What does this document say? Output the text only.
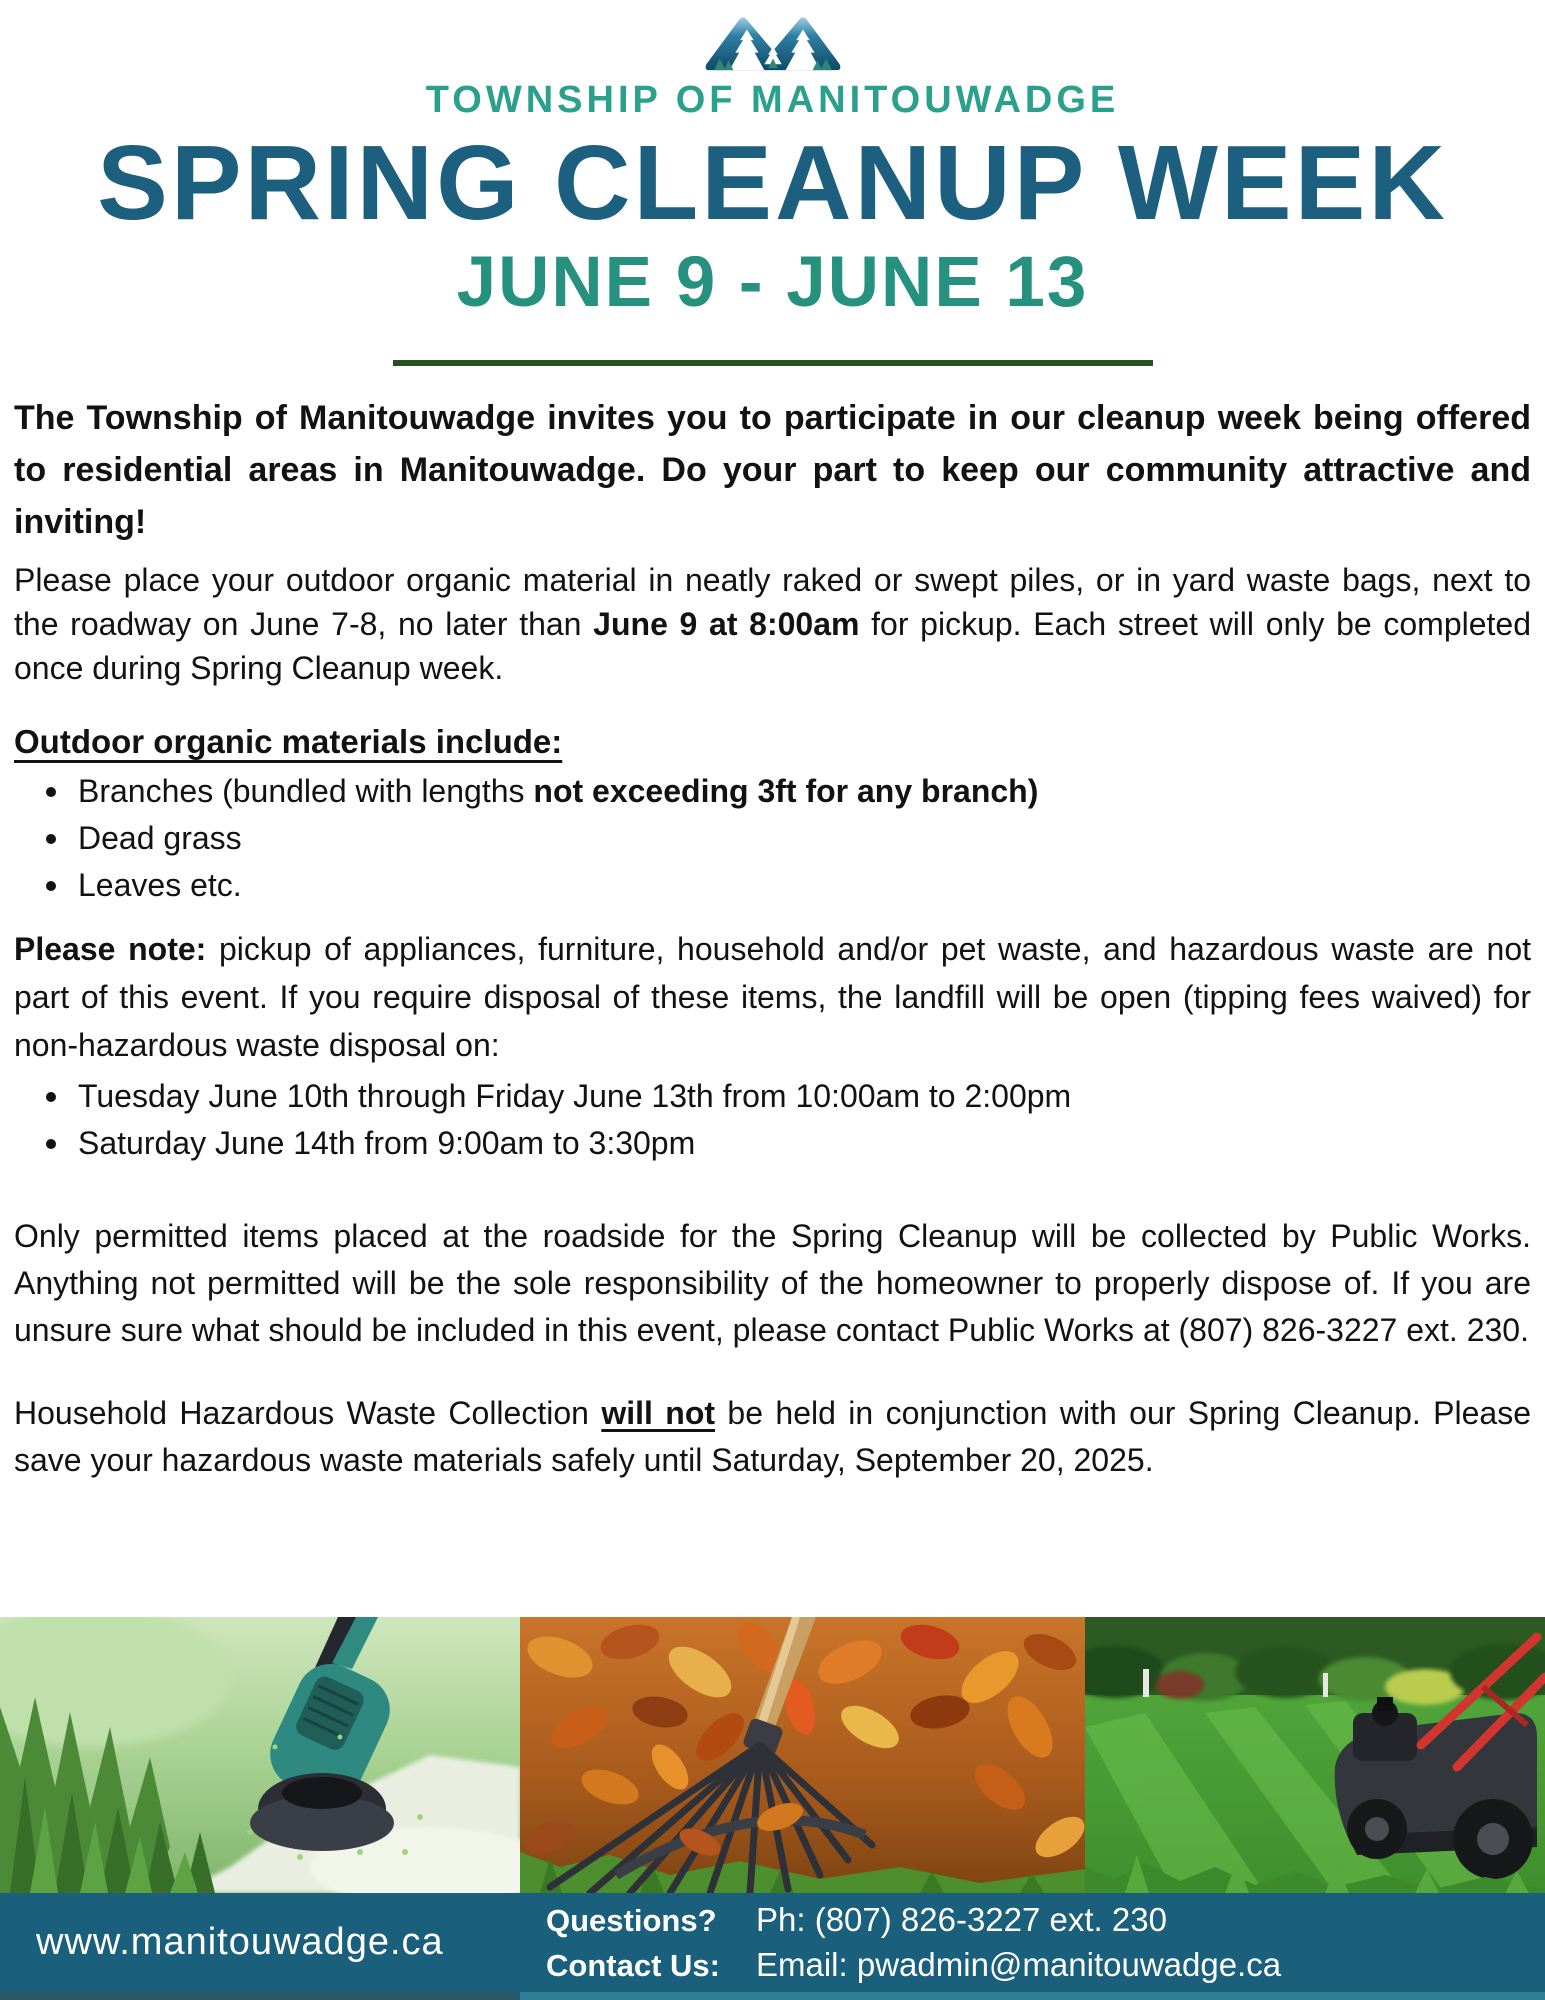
TOWNSHIP OF MANITOUWADGE
SPRING CLEANUP WEEK
JUNE 9 - JUNE 13

The Township of Manitouwadge invites you to participate in our cleanup week being offered to residential areas in Manitouwadge. Do your part to keep our community attractive and inviting!

Please place your outdoor organic material in neatly raked or swept piles, or in yard waste bags, next to the roadway on June 7-8, no later than June 9 at 8:00am for pickup. Each street will only be completed once during Spring Cleanup week.

Outdoor organic materials include:
Branches (bundled with lengths not exceeding 3ft for any branch)
Dead grass
Leaves etc.

Please note: pickup of appliances, furniture, household and/or pet waste, and hazardous waste are not part of this event. If you require disposal of these items, the landfill will be open (tipping fees waived) for non-hazardous waste disposal on:

Tuesday June 10th through Friday June 13th from 10:00am to 2:00pm
Saturday June 14th from 9:00am to 3:30pm

Only permitted items placed at the roadside for the Spring Cleanup will be collected by Public Works. Anything not permitted will be the sole responsibility of the homeowner to properly dispose of. If you are unsure sure what should be included in this event, please contact Public Works at (807) 826-3227 ext. 230.

Household Hazardous Waste Collection will not be held in conjunction with our Spring Cleanup. Please save your hazardous waste materials safely until Saturday, September 20, 2025.

www.manitouwadge.ca
Questions?	Ph: (807) 826-3227 ext. 230
Contact Us:	Email: pwadmin@manitouwadge.ca
